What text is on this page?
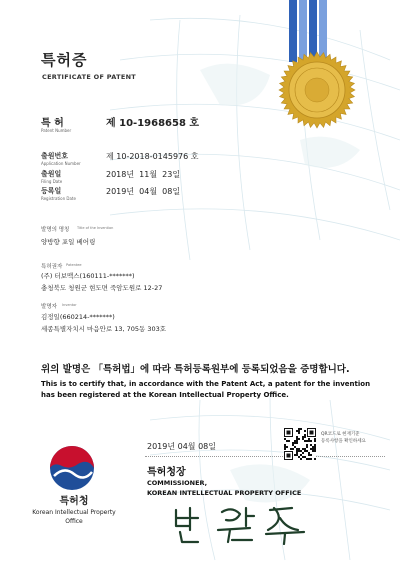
특허증
CERTIFICATE OF PATENT
특 허
Patent Number
제 10-1968658 호
출원번호
Application Number
제 10-2018-0145976 호
출원일
Filing Date
2018년  11월  23일
등록일
Registration Date
2019년  04월  08일
발명의 명칭 Title of the Invention
양방향 포일 베어링
특허권자 Patentee
(주) 터보맥스(160111-*******)
충청북도 청원군 현도면 죽암도원로 12-27
발명자 Inventor
김정일(660214-*******)
세종특별자치시 마음안로 13, 705동 303호
위의 발명은 「특허법」에 따라 특허등록원부에 등록되었음을 증명합니다.
This is to certify that, in accordance with the Patent Act, a patent for the invention has been registered at the Korean Intellectual Property Office.
2019년 04월 08일
특허청장
COMMISSIONER,
KOREAN INTELLECTUAL PROPERTY OFFICE
QR코드로 현재기준
등록사항을 확인하세요
특허청
Korean Intellectual Property Office
